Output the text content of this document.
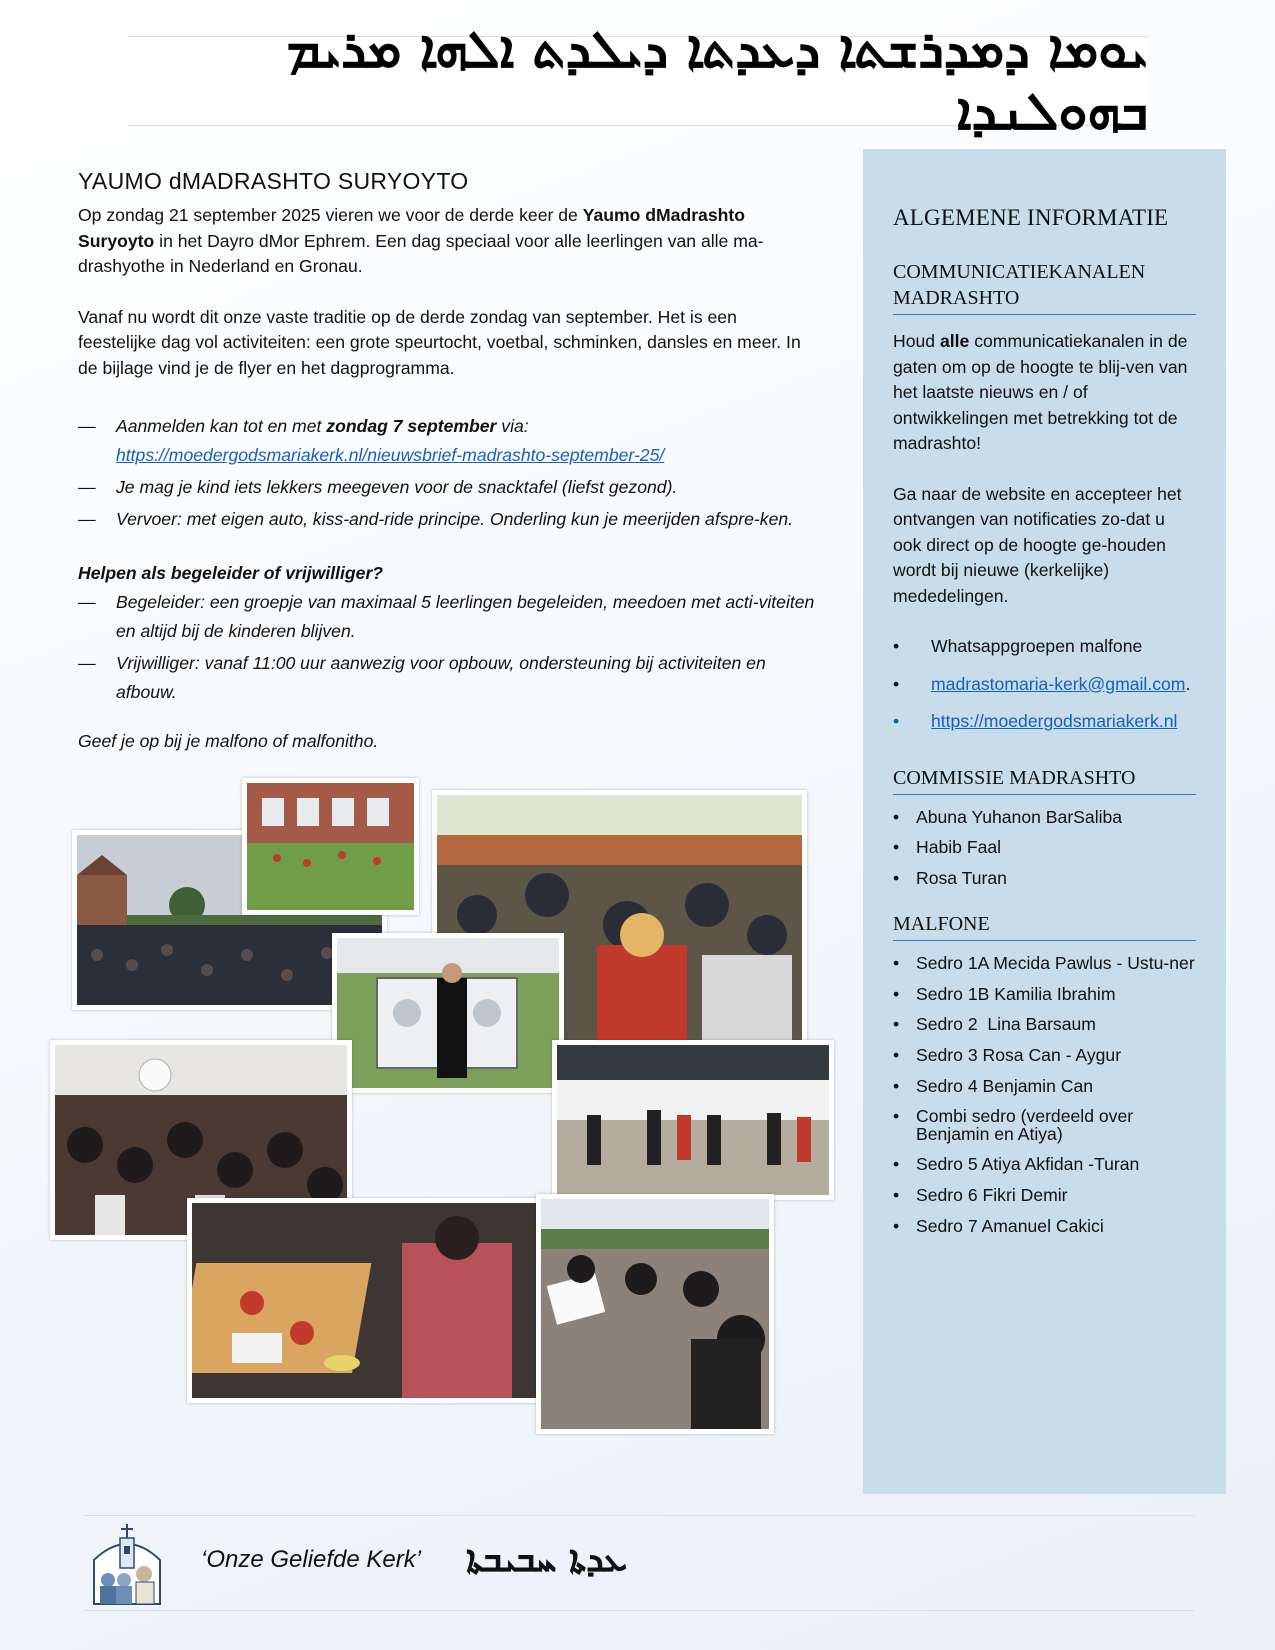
ܝܘܡܐ ܕܡܕܪܫܬܐ ܕܥܕܬܐ ܕܝܠܕܬ ܐܠܗܐ ܡܪܝܡ ܒܗܘܠܢܕܐ
YAUMO dMADRASHTO SURYOYTO

Op zondag 21 september 2025 vieren we voor de derde keer de Yaumo dMadrashto Suryoyto in het Dayro dMor Ephrem. Een dag speciaal voor alle leerlingen van alle ma-drashyothe in Nederland en Gronau.

Vanaf nu wordt dit onze vaste traditie op de derde zondag van september. Het is een feestelijke dag vol activiteiten: een grote speurtocht, voetbal, schminken, dansles en meer. In de bijlage vind je de flyer en het dagprogramma.

— Aanmelden kan tot en met zondag 7 september via: https://moedergodsmariakerk.nl/nieuwsbrief-madrashto-september-25/
— Je mag je kind iets lekkers meegeven voor de snacktafel (liefst gezond).
— Vervoer: met eigen auto, kiss-and-ride principe. Onderling kun je meerijden afspre-ken.

Helpen als begeleider of vrijwilliger?

— Begeleider: een groepje van maximaal 5 leerlingen begeleiden, meedoen met acti-viteiten en altijd bij de kinderen blijven.
— Vrijwilliger: vanaf 11:00 uur aanwezig voor opbouw, ondersteuning bij activiteiten en afbouw.

Geef je op bij je malfono of malfonitho.

ALGEMENE INFORMATIE
COMMUNICATIEKANALEN MADRASHTO

Houd alle communicatiekanalen in de gaten om op de hoogte te blij-ven van het laatste nieuws en / of ontwikkelingen met betrekking tot de madrashto!

Ga naar de website en accepteer het ontvangen van notificaties zo-dat u ook direct op de hoogte ge-houden wordt bij nieuwe (kerkelijke) mededelingen.

• Whatsappgroepen malfone
• madrastomaria-kerk@gmail.com.
• https://moedergodsmariakerk.nl
COMMISSIE MADRASHTO
• Abuna Yuhanon BarSaliba
• Habib Faal
• Rosa Turan
MALFONE
• Sedro 1A Mecida Pawlus - Ustu-ner
• Sedro 1B Kamilia Ibrahim
• Sedro 2  Lina Barsaum
• Sedro 3 Rosa Can - Aygur
• Sedro 4 Benjamin Can
• Combi sedro (verdeeld over Benjamin en Atiya)
• Sedro 5 Atiya Akfidan -Turan
• Sedro 6 Fikri Demir
• Sedro 7 Amanuel Cakici
‘Onze Geliefde Kerk’ ܥܕܬܐ ܚܒܝܒܬܐ
